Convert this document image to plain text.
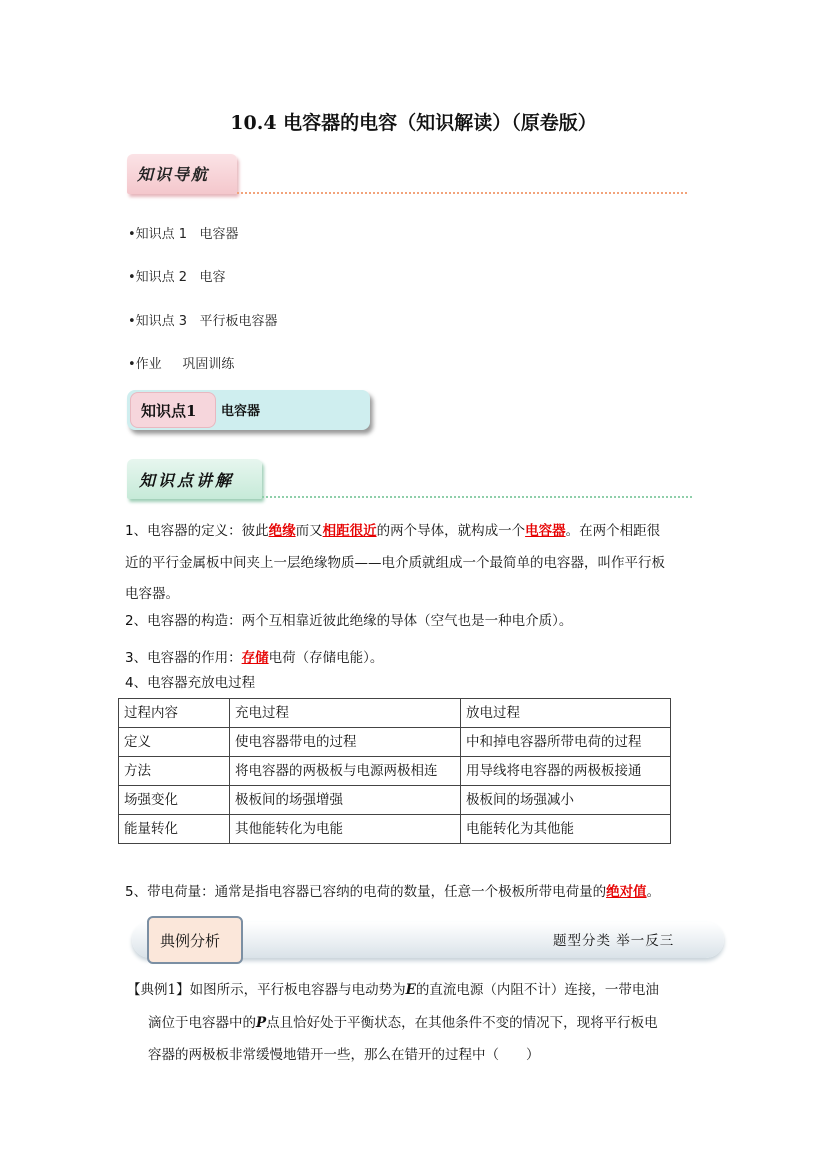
10.4 电容器的电容（知识解读）（原卷版）
知识导航
•知识点 1 电容器
•知识点 2 电容
•知识点 3 平行板电容器
•作业 巩固训练
知识点1 电容器
知识点讲解
1、电容器的定义：彼此绝缘而又相距很近的两个导体，就构成一个电容器。在两个相距很
近的平行金属板中间夹上一层绝缘物质——电介质就组成一个最简单的电容器，叫作平行板
电容器。
2、电容器的构造：两个互相靠近彼此绝缘的导体（空气也是一种电介质）。
3、电容器的作用：存储电荷（存储电能）。
4、电容器充放电过程
过程内容	充电过程	放电过程
定义	使电容器带电的过程	中和掉电容器所带电荷的过程
方法	将电容器的两极板与电源两极相连	用导线将电容器的两极板接通
场强变化	极板间的场强增强	极板间的场强减小
能量转化	其他能转化为电能	电能转化为其他能
5、带电荷量：通常是指电容器已容纳的电荷的数量，任意一个极板所带电荷量的绝对值。
典例分析	题型分类 举一反三
【典例1】如图所示，平行板电容器与电动势为E的直流电源（内阻不计）连接，一带电油
滴位于电容器中的P点且恰好处于平衡状态，在其他条件不变的情况下，现将平行板电
容器的两极板非常缓慢地错开一些，那么在错开的过程中（　　）
